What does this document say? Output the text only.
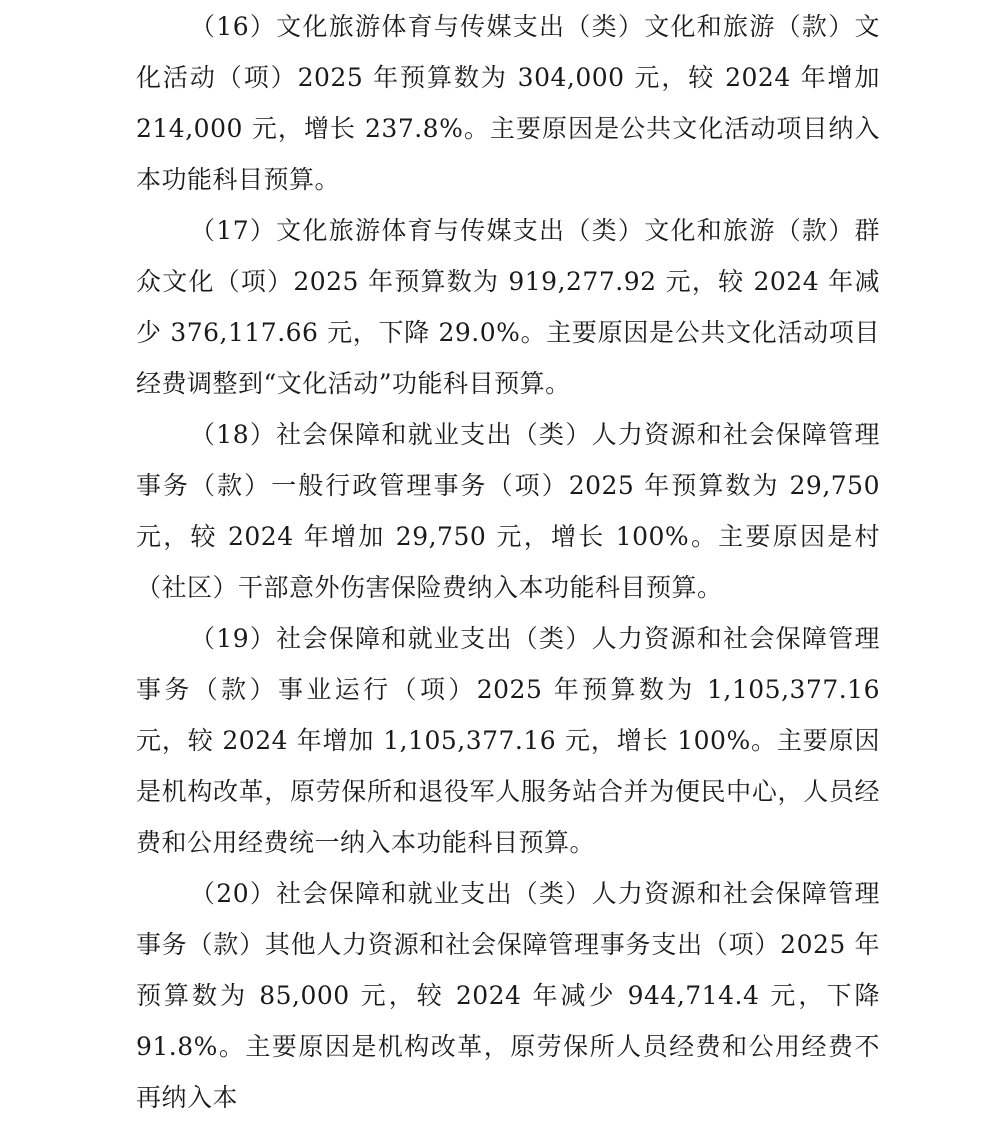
（16）文化旅游体育与传媒支出（类）文化和旅游（款）文化活动（项）2025 年预算数为 304,000 元，较 2024 年增加 214,000 元，增长 237.8%。主要原因是公共文化活动项目纳入本功能科目预算。

（17）文化旅游体育与传媒支出（类）文化和旅游（款）群众文化（项）2025 年预算数为 919,277.92 元，较 2024 年减少 376,117.66 元，下降 29.0%。主要原因是公共文化活动项目经费调整到“文化活动”功能科目预算。

（18）社会保障和就业支出（类）人力资源和社会保障管理事务（款）一般行政管理事务（项）2025 年预算数为 29,750 元，较 2024 年增加 29,750 元，增长 100%。主要原因是村（社区）干部意外伤害保险费纳入本功能科目预算。

（19）社会保障和就业支出（类）人力资源和社会保障管理事务（款）事业运行（项）2025 年预算数为 1,105,377.16 元，较 2024 年增加 1,105,377.16 元，增长 100%。主要原因是机构改革，原劳保所和退役军人服务站合并为便民中心，人员经费和公用经费统一纳入本功能科目预算。

（20）社会保障和就业支出（类）人力资源和社会保障管理事务（款）其他人力资源和社会保障管理事务支出（项）2025 年预算数为 85,000 元，较 2024 年减少 944,714.4 元，下降 91.8%。主要原因是机构改革，原劳保所人员经费和公用经费不再纳入本
